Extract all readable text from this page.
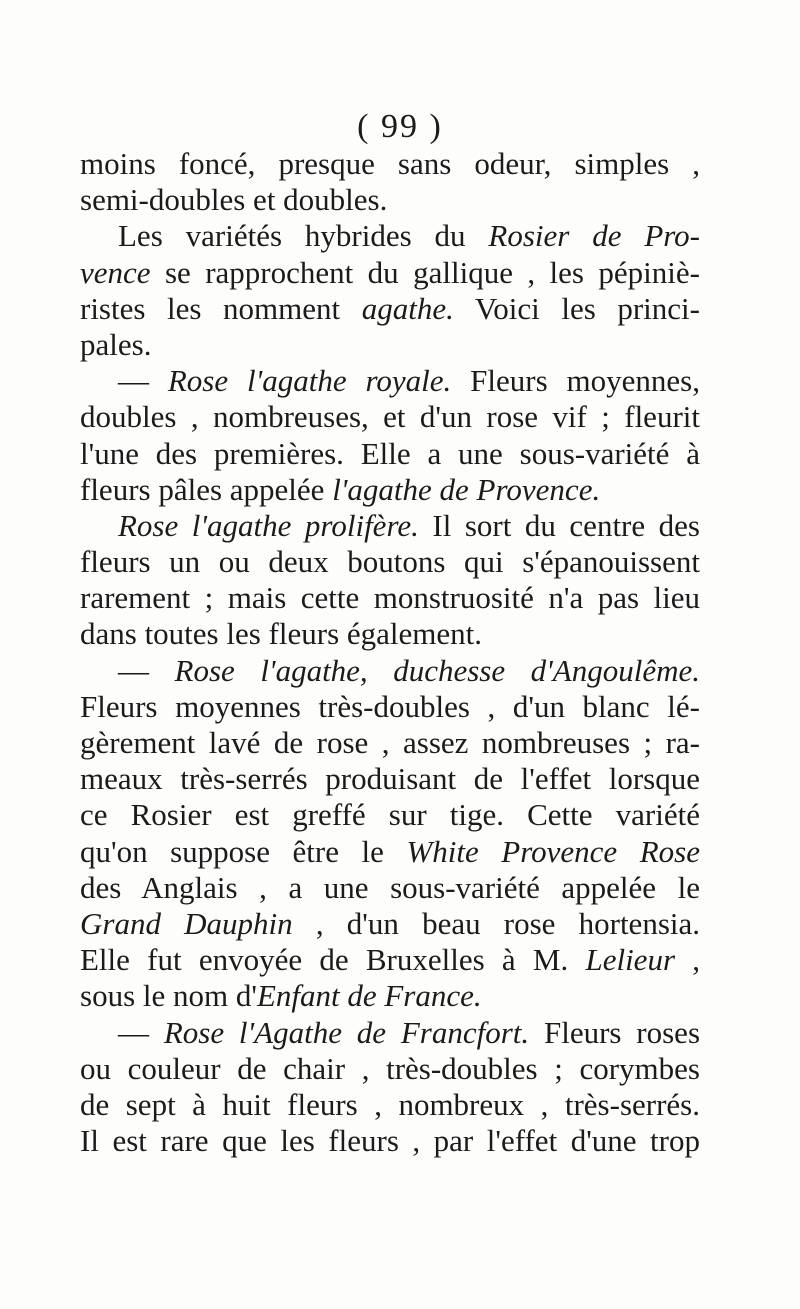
( 99 )
moins foncé, presque sans odeur, simples ,
semi-doubles et doubles.
Les variétés hybrides du Rosier de Pro-
vence se rapprochent du gallique , les pépiniè-
ristes les nomment agathe. Voici les princi-
pales.
— Rose l'agathe royale. Fleurs moyennes,
doubles , nombreuses, et d'un rose vif ; fleurit
l'une des premières. Elle a une sous-variété à
fleurs pâles appelée l'agathe de Provence.
Rose l'agathe prolifère. Il sort du centre des
fleurs un ou deux boutons qui s'épanouissent
rarement ; mais cette monstruosité n'a pas lieu
dans toutes les fleurs également.
— Rose l'agathe, duchesse d'Angoulême.
Fleurs moyennes très-doubles , d'un blanc lé-
gèrement lavé de rose , assez nombreuses ; ra-
meaux très-serrés produisant de l'effet lorsque
ce Rosier est greffé sur tige. Cette variété
qu'on suppose être le White Provence Rose
des Anglais , a une sous-variété appelée le
Grand Dauphin , d'un beau rose hortensia.
Elle fut envoyée de Bruxelles à M. Lelieur ,
sous le nom d'Enfant de France.
— Rose l'Agathe de Francfort. Fleurs roses
ou couleur de chair , très-doubles ; corymbes
de sept à huit fleurs , nombreux , très-serrés.
Il est rare que les fleurs , par l'effet d'une trop
